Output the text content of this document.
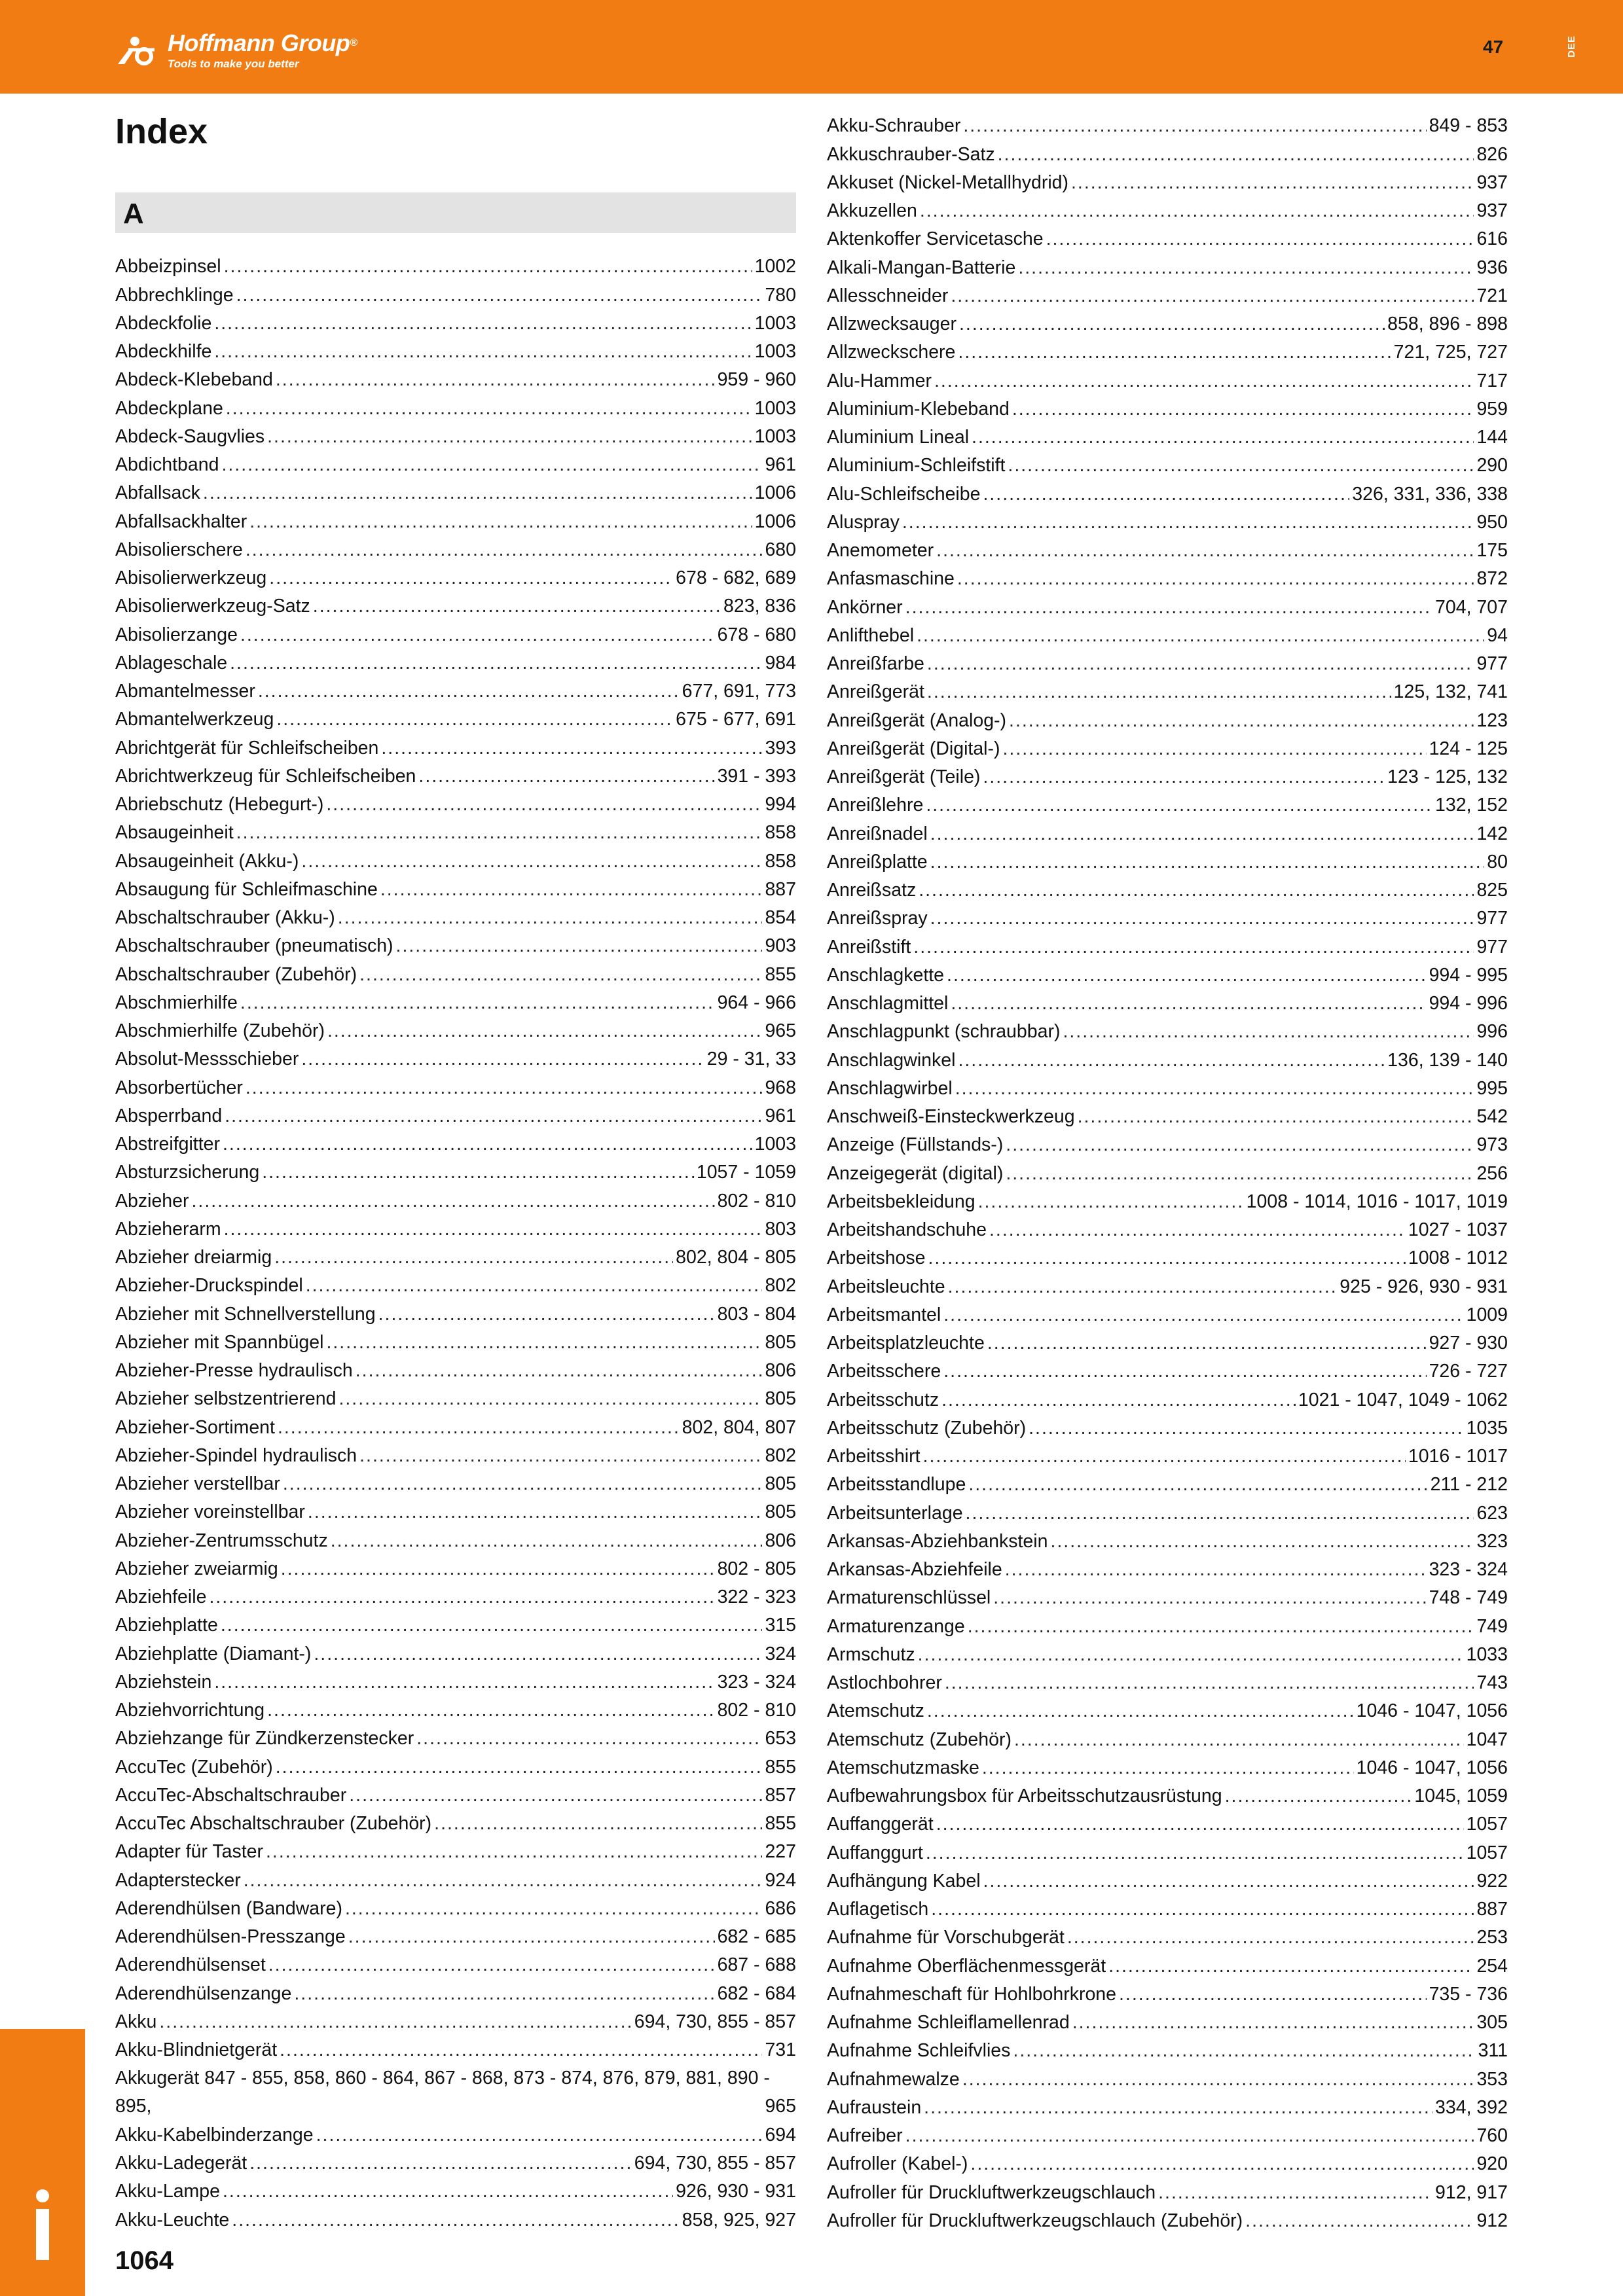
Hoffmann Group®
Tools to make you better
47	DEE
Index
A
Abbeizpinsel .....	1002
Abbrechklinge .....	780
Abdeckfolie .....	1003
Abdeckhilfe .....	1003
Abdeck-Klebeband .....	959 - 960
Abdeckplane .....	1003
Abdeck-Saugvlies .....	1003
Abdichtband .....	961
Abfallsack .....	1006
Abfallsackhalter .....	1006
Abisolierschere .....	680
Abisolierwerkzeug .....	678 - 682, 689
Abisolierwerkzeug-Satz .....	823, 836
Abisolierzange .....	678 - 680
Ablageschale .....	984
Abmantelmesser .....	677, 691, 773
Abmantelwerkzeug .....	675 - 677, 691
Abrichtgerät für Schleifscheiben .....	393
Abrichtwerkzeug für Schleifscheiben .....	391 - 393
Abriebschutz (Hebegurt-) .....	994
Absaugeinheit .....	858
Absaugeinheit (Akku-) .....	858
Absaugung für Schleifmaschine .....	887
Abschaltschrauber (Akku-) .....	854
Abschaltschrauber (pneumatisch) .....	903
Abschaltschrauber (Zubehör) .....	855
Abschmierhilfe .....	964 - 966
Abschmierhilfe (Zubehör) .....	965
Absolut-Messschieber .....	29 - 31, 33
Absorbertücher .....	968
Absperrband .....	961
Abstreifgitter .....	1003
Absturzsicherung .....	1057 - 1059
Abzieher .....	802 - 810
Abzieherarm .....	803
Abzieher dreiarmig .....	802, 804 - 805
Abzieher-Druckspindel .....	802
Abzieher mit Schnellverstellung .....	803 - 804
Abzieher mit Spannbügel .....	805
Abzieher-Presse hydraulisch .....	806
Abzieher selbstzentrierend .....	805
Abzieher-Sortiment .....	802, 804, 807
Abzieher-Spindel hydraulisch .....	802
Abzieher verstellbar .....	805
Abzieher voreinstellbar .....	805
Abzieher-Zentrumsschutz .....	806
Abzieher zweiarmig .....	802 - 805
Abziehfeile .....	322 - 323
Abziehplatte .....	315
Abziehplatte (Diamant-) .....	324
Abziehstein .....	323 - 324
Abziehvorrichtung .....	802 - 810
Abziehzange für Zündkerzenstecker .....	653
AccuTec (Zubehör) .....	855
AccuTec-Abschaltschrauber .....	857
AccuTec Abschaltschrauber (Zubehör) .....	855
Adapter für Taster .....	227
Adapterstecker .....	924
Aderendhülsen (Bandware) .....	686
Aderendhülsen-Presszange .....	682 - 685
Aderendhülsenset .....	687 - 688
Aderendhülsenzange .....	682 - 684
Akku .....	694, 730, 855 - 857
Akku-Blindnietgerät .....	731
Akkugerät 847 - 855, 858, 860 - 864, 867 - 868, 873 - 874, 876, 879, 881, 890 - 895,	965
Akku-Kabelbinderzange .....	694
Akku-Ladegerät .....	694, 730, 855 - 857
Akku-Lampe .....	926, 930 - 931
Akku-Leuchte .....	858, 925, 927
Akku-Schrauber .....	849 - 853
Akkuschrauber-Satz .....	826
Akkuset (Nickel-Metallhydrid) .....	937
Akkuzellen .....	937
Aktenkoffer Servicetasche .....	616
Alkali-Mangan-Batterie .....	936
Allesschneider .....	721
Allzwecksauger .....	858, 896 - 898
Allzweckschere .....	721, 725, 727
Alu-Hammer .....	717
Aluminium-Klebeband .....	959
Aluminium Lineal .....	144
Aluminium-Schleifstift .....	290
Alu-Schleifscheibe .....	326, 331, 336, 338
Aluspray .....	950
Anemometer .....	175
Anfasmaschine .....	872
Ankörner .....	704, 707
Anlifthebel .....	94
Anreißfarbe .....	977
Anreißgerät .....	125, 132, 741
Anreißgerät (Analog-) .....	123
Anreißgerät (Digital-) .....	124 - 125
Anreißgerät (Teile) .....	123 - 125, 132
Anreißlehre .....	132, 152
Anreißnadel .....	142
Anreißplatte .....	80
Anreißsatz .....	825
Anreißspray .....	977
Anreißstift .....	977
Anschlagkette .....	994 - 995
Anschlagmittel .....	994 - 996
Anschlagpunkt (schraubbar) .....	996
Anschlagwinkel .....	136, 139 - 140
Anschlagwirbel .....	995
Anschweiß-Einsteckwerkzeug .....	542
Anzeige (Füllstands-) .....	973
Anzeigegerät (digital) .....	256
Arbeitsbekleidung .....	1008 - 1014, 1016 - 1017, 1019
Arbeitshandschuhe .....	1027 - 1037
Arbeitshose .....	1008 - 1012
Arbeitsleuchte .....	925 - 926, 930 - 931
Arbeitsmantel .....	1009
Arbeitsplatzleuchte .....	927 - 930
Arbeitsschere .....	726 - 727
Arbeitsschutz .....	1021 - 1047, 1049 - 1062
Arbeitsschutz (Zubehör) .....	1035
Arbeitsshirt .....	1016 - 1017
Arbeitsstandlupe .....	211 - 212
Arbeitsunterlage .....	623
Arkansas-Abziehbankstein .....	323
Arkansas-Abziehfeile .....	323 - 324
Armaturenschlüssel .....	748 - 749
Armaturenzange .....	749
Armschutz .....	1033
Astlochbohrer .....	743
Atemschutz .....	1046 - 1047, 1056
Atemschutz (Zubehör) .....	1047
Atemschutzmaske .....	1046 - 1047, 1056
Aufbewahrungsbox für Arbeitsschutzausrüstung .....	1045, 1059
Auffanggerät .....	1057
Auffanggurt .....	1057
Aufhängung Kabel .....	922
Auflagetisch .....	887
Aufnahme für Vorschubgerät .....	253
Aufnahme Oberflächenmessgerät .....	254
Aufnahmeschaft für Hohlbohrkrone .....	735 - 736
Aufnahme Schleiflamellenrad .....	305
Aufnahme Schleifvlies .....	311
Aufnahmewalze .....	353
Aufraustein .....	334, 392
Aufreiber .....	760
Aufroller (Kabel-) .....	920
Aufroller für Druckluftwerkzeugschlauch .....	912, 917
Aufroller für Druckluftwerkzeugschlauch (Zubehör) .....	912
1064
